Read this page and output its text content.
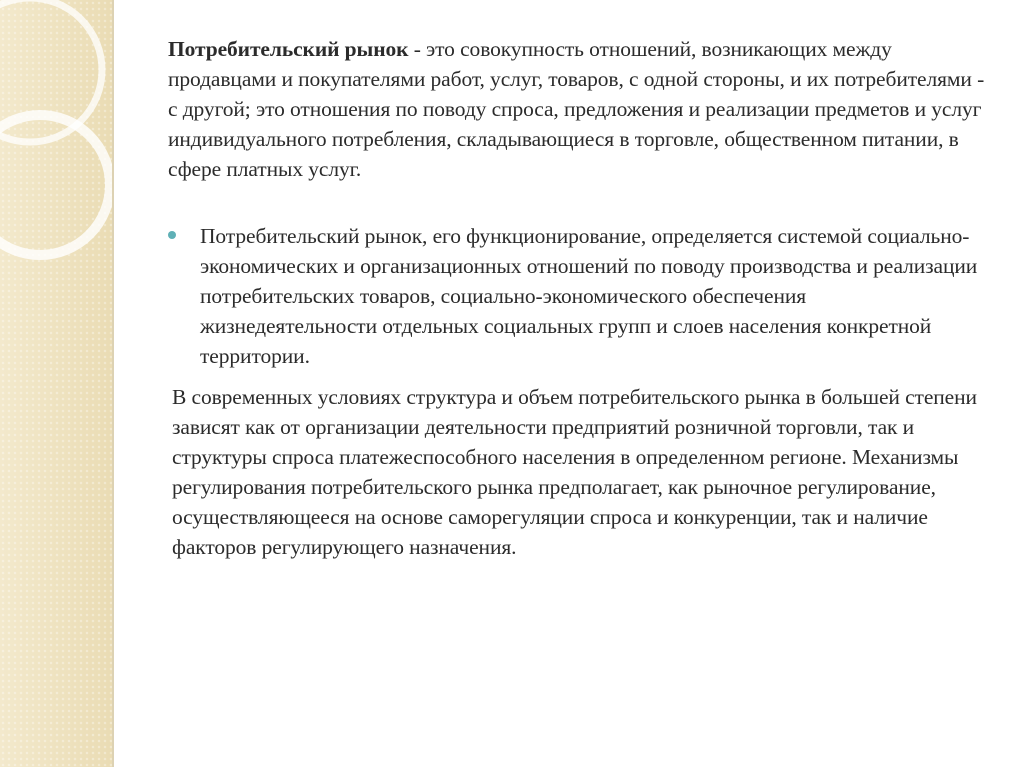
Потребительский рынок - это совокупность отношений, возникающих между продавцами и покупателями работ, услуг, товаров, с одной стороны, и их потребителями - с другой; это отношения по поводу спроса, предложения и реализации предметов и услуг индивидуального потребления, складывающиеся в торговле, общественном питании, в сфере платных услуг.

Потребительский рынок, его функционирование, определяется системой социально-экономических и организационных отношений по поводу производства и реализации потребительских товаров, социально-экономического обеспечения жизнедеятельности отдельных социальных групп и слоев населения конкретной территории.

В современных условиях структура и объем потребительского рынка в большей степени зависят как от организации деятельности предприятий розничной торговли, так и структуры спроса платежеспособного населения в определенном регионе. Механизмы регулирования потребительского рынка предполагает, как рыночное регулирование, осуществляющееся на основе саморегуляции спроса и конкуренции, так и наличие факторов регулирующего назначения.
